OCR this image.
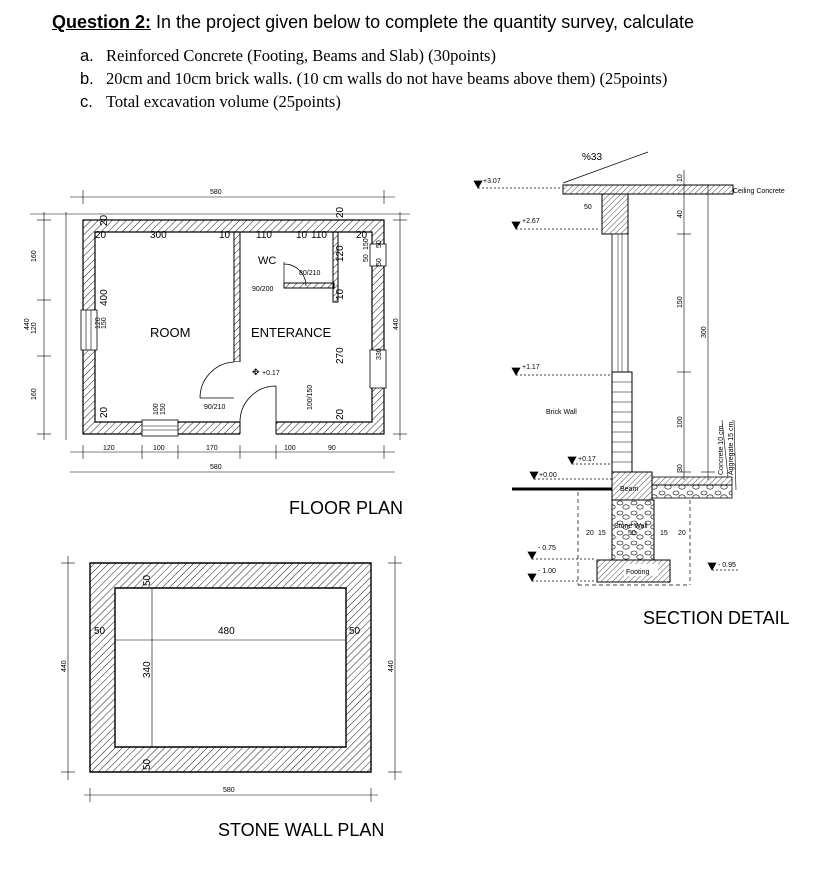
Question 2: In the project given below to complete the quantity survey, calculate
a. Reinforced Concrete (Footing, Beams and Slab) (30points)
b. 20cm and 10cm brick walls. (10 cm walls do not have beams above them) (25points)
c. Total excavation volume (25points)
580
20	300	10	110 10 110	20
120	100	170	100	90
580
160
120
160
440
20
400
20
120 150	440
50
50
330
120
10
270
20
20
50
150
100/150
100 150
ROOM
WC
ENTERANCE
90/210
90/200
80/210
+0.17
✥
FLOOR PLAN
440	440
580
480
340
50	50
50
50
STONE WALL PLAN
%33
Ceiling Concrete
Brick Wall
Beam
Stone Wall
Footing
+3.07
+2.67
+1.17
+0.17
+0.00
- 0.75
- 1.00
- 0.95
10
40
150
100
30
300
50
Concrete 10 cm. Aggregate 15 cm.
20 15	50	15 20
SECTION DETAIL
